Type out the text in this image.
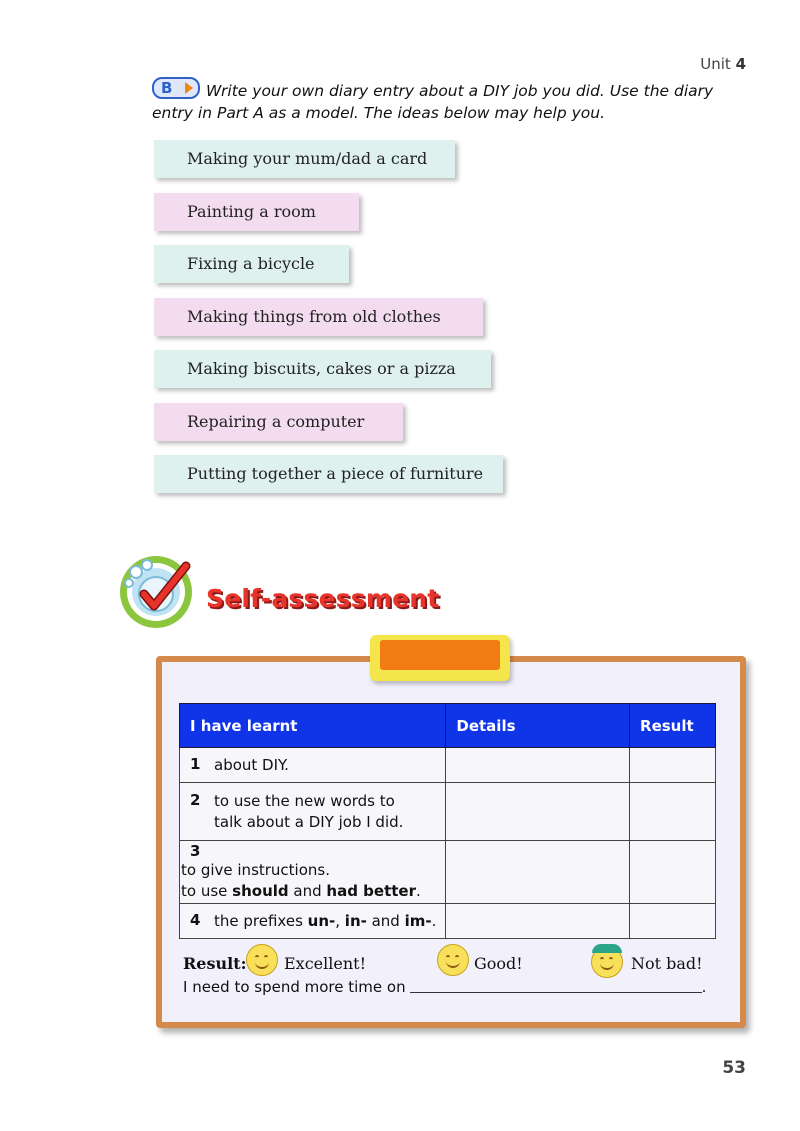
Unit 4
B Write your own diary entry about a DIY job you did. Use the diary entry in Part A as a model. The ideas below may help you.
Making your mum/dad a card
Painting a room
Fixing a bicycle
Making things from old clothes
Making biscuits, cakes or a pizza
Repairing a computer
Putting together a piece of furniture
Self-assessment
I have learnt	Details	Result
1 about DIY.		
2 to use the new words to
talk about a DIY job I did.		
3to give instructions.
to use should and had better.		
4 the prefixes un-, in- and im-.		
Result: Excellent!	Good!	Not bad!
I need to spend more time on	.
53
